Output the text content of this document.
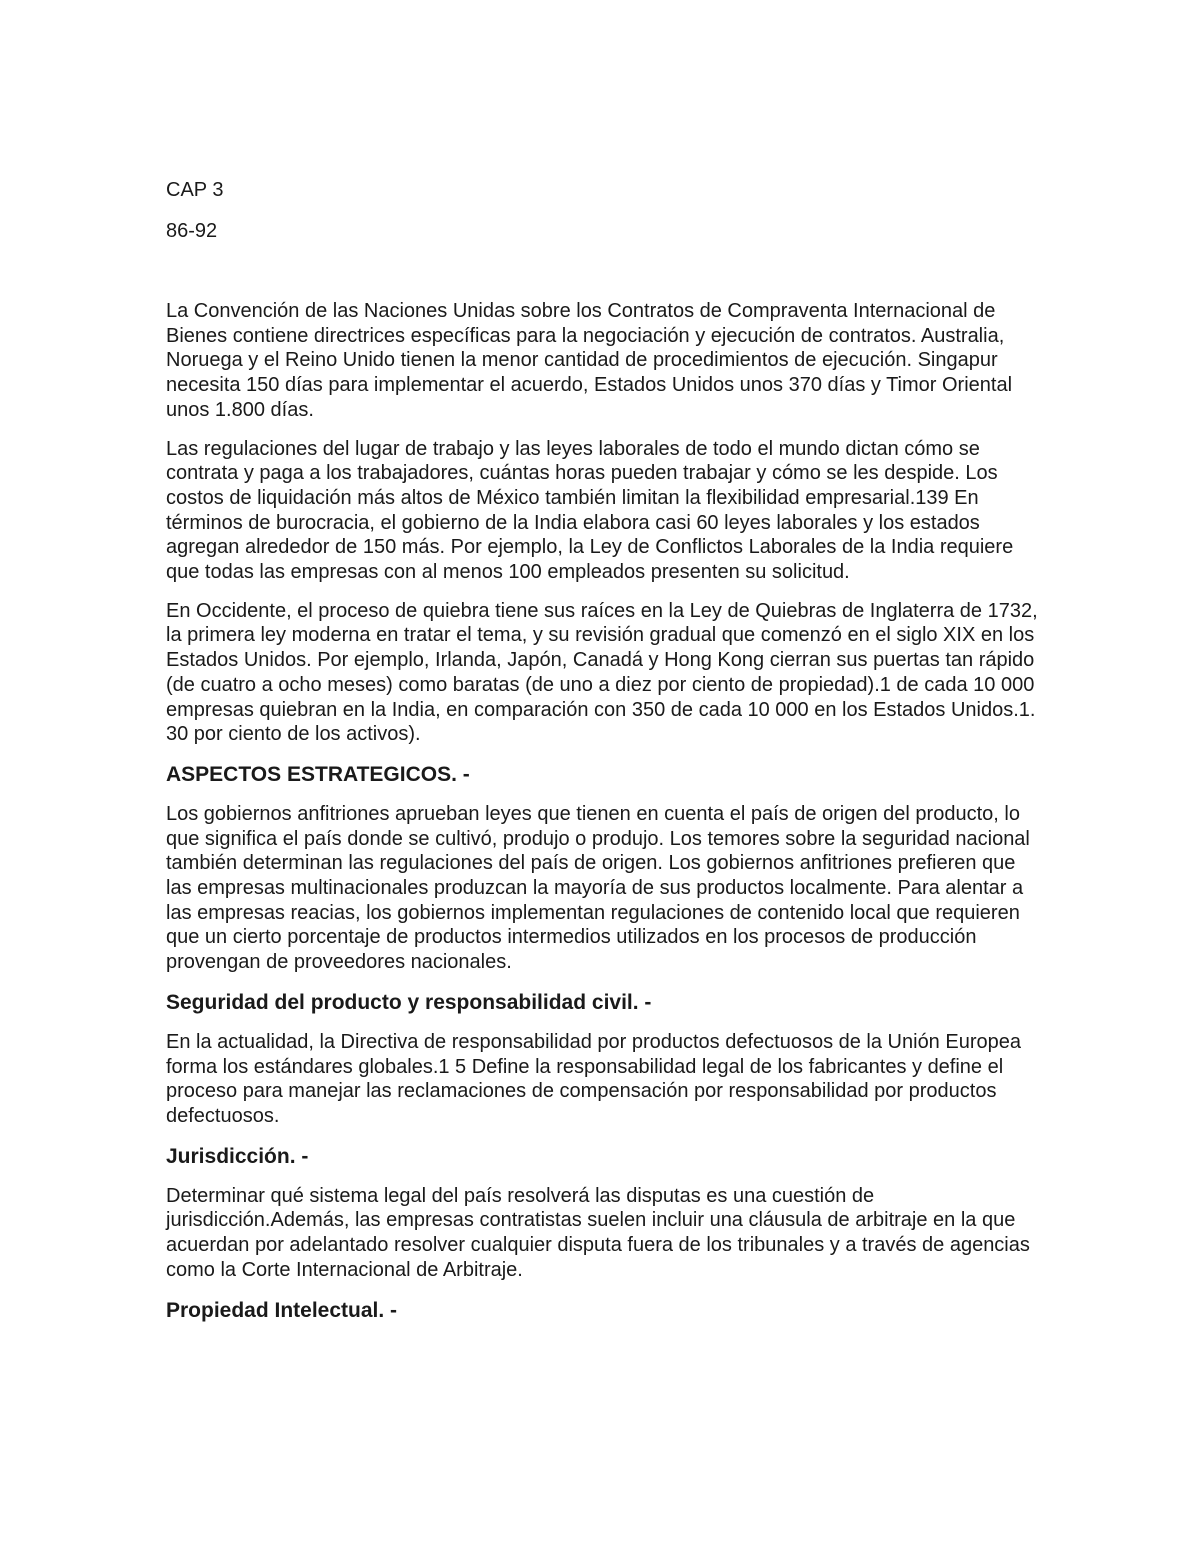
CAP 3

86-92

La Convención de las Naciones Unidas sobre los Contratos de Compraventa Internacional de Bienes contiene directrices específicas para la negociación y ejecución de contratos. Australia, Noruega y el Reino Unido tienen la menor cantidad de procedimientos de ejecución. Singapur necesita 150 días para implementar el acuerdo, Estados Unidos unos 370 días y Timor Oriental unos 1.800 días.

Las regulaciones del lugar de trabajo y las leyes laborales de todo el mundo dictan cómo se contrata y paga a los trabajadores, cuántas horas pueden trabajar y cómo se les despide. Los costos de liquidación más altos de México también limitan la flexibilidad empresarial.139 En términos de burocracia, el gobierno de la India elabora casi 60 leyes laborales y los estados agregan alrededor de 150 más. Por ejemplo, la Ley de Conflictos Laborales de la India requiere que todas las empresas con al menos 100 empleados presenten su solicitud.

En Occidente, el proceso de quiebra tiene sus raíces en la Ley de Quiebras de Inglaterra de 1732, la primera ley moderna en tratar el tema, y su revisión gradual que comenzó en el siglo XIX en los Estados Unidos. Por ejemplo, Irlanda, Japón, Canadá y Hong Kong cierran sus puertas tan rápido (de cuatro a ocho meses) como baratas (de uno a diez por ciento de propiedad).1 de cada 10 000 empresas quiebran en la India, en comparación con 350 de cada 10 000 en los Estados Unidos.1. 30 por ciento de los activos).

ASPECTOS ESTRATEGICOS. -

Los gobiernos anfitriones aprueban leyes que tienen en cuenta el país de origen del producto, lo que significa el país donde se cultivó, produjo o produjo. Los temores sobre la seguridad nacional también determinan las regulaciones del país de origen. Los gobiernos anfitriones prefieren que las empresas multinacionales produzcan la mayoría de sus productos localmente. Para alentar a las empresas reacias, los gobiernos implementan regulaciones de contenido local que requieren que un cierto porcentaje de productos intermedios utilizados en los procesos de producción provengan de proveedores nacionales.

Seguridad del producto y responsabilidad civil. -

En la actualidad, la Directiva de responsabilidad por productos defectuosos de la Unión Europea forma los estándares globales.1 5 Define la responsabilidad legal de los fabricantes y define el proceso para manejar las reclamaciones de compensación por responsabilidad por productos defectuosos.

Jurisdicción. -

Determinar qué sistema legal del país resolverá las disputas es una cuestión de jurisdicción.Además, las empresas contratistas suelen incluir una cláusula de arbitraje en la que acuerdan por adelantado resolver cualquier disputa fuera de los tribunales y a través de agencias como la Corte Internacional de Arbitraje.

Propiedad Intelectual. -
